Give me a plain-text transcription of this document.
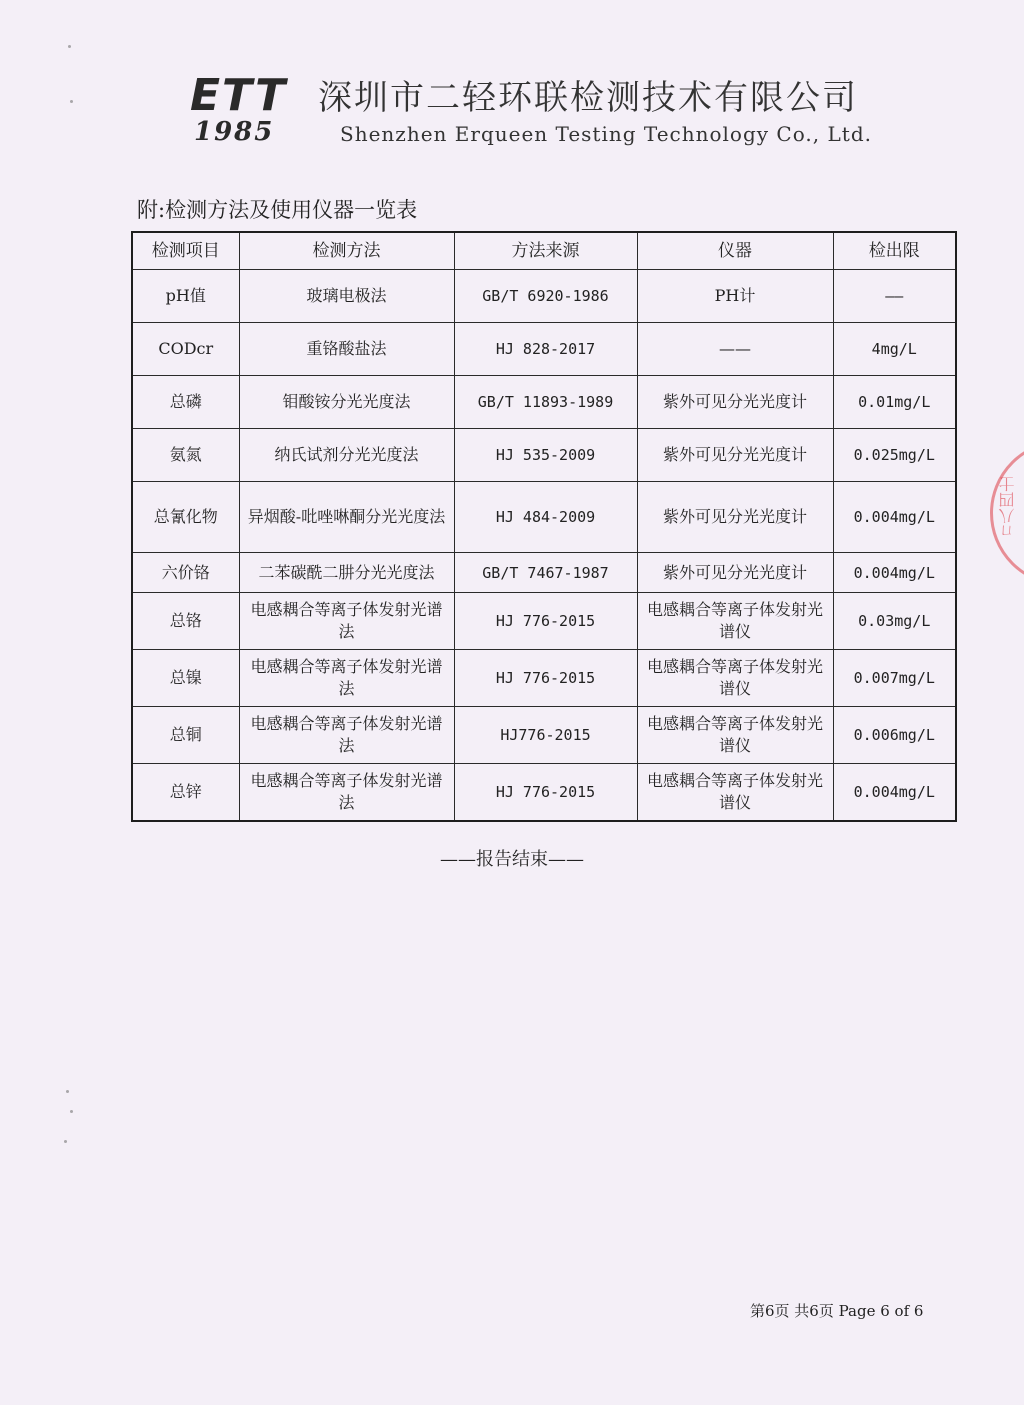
ETT
1985
深圳市二轻环联检测技术有限公司
Shenzhen Erqueen Testing Technology Co., Ltd.
附:检测方法及使用仪器一览表
检测项目	检测方法	方法来源	仪器	检出限
pH值	玻璃电极法	GB/T 6920-1986	PH计	——
CODcr	重铬酸盐法	HJ 828-2017	——	4mg/L
总磷	钼酸铵分光光度法	GB/T 11893-1989	紫外可见分光光度计	0.01mg/L
氨氮	纳氏试剂分光光度法	HJ 535-2009	紫外可见分光光度计	0.025mg/L
总氰化物	异烟酸-吡唑啉酮分光光度法	HJ 484-2009	紫外可见分光光度计	0.004mg/L
六价铬	二苯碳酰二肼分光光度法	GB/T 7467-1987	紫外可见分光光度计	0.004mg/L
总铬	电感耦合等离子体发射光谱法	HJ 776-2015	电感耦合等离子体发射光谱仪	0.03mg/L
总镍	电感耦合等离子体发射光谱法	HJ 776-2015	电感耦合等离子体发射光谱仪	0.007mg/L
总铜	电感耦合等离子体发射光谱法	HJ776-2015	电感耦合等离子体发射光谱仪	0.006mg/L
总锌	电感耦合等离子体发射光谱法	HJ 776-2015	电感耦合等离子体发射光谱仪	0.004mg/L
——报告结束——
第6页 共6页 Page 6 of 6
ㄇ八四士
